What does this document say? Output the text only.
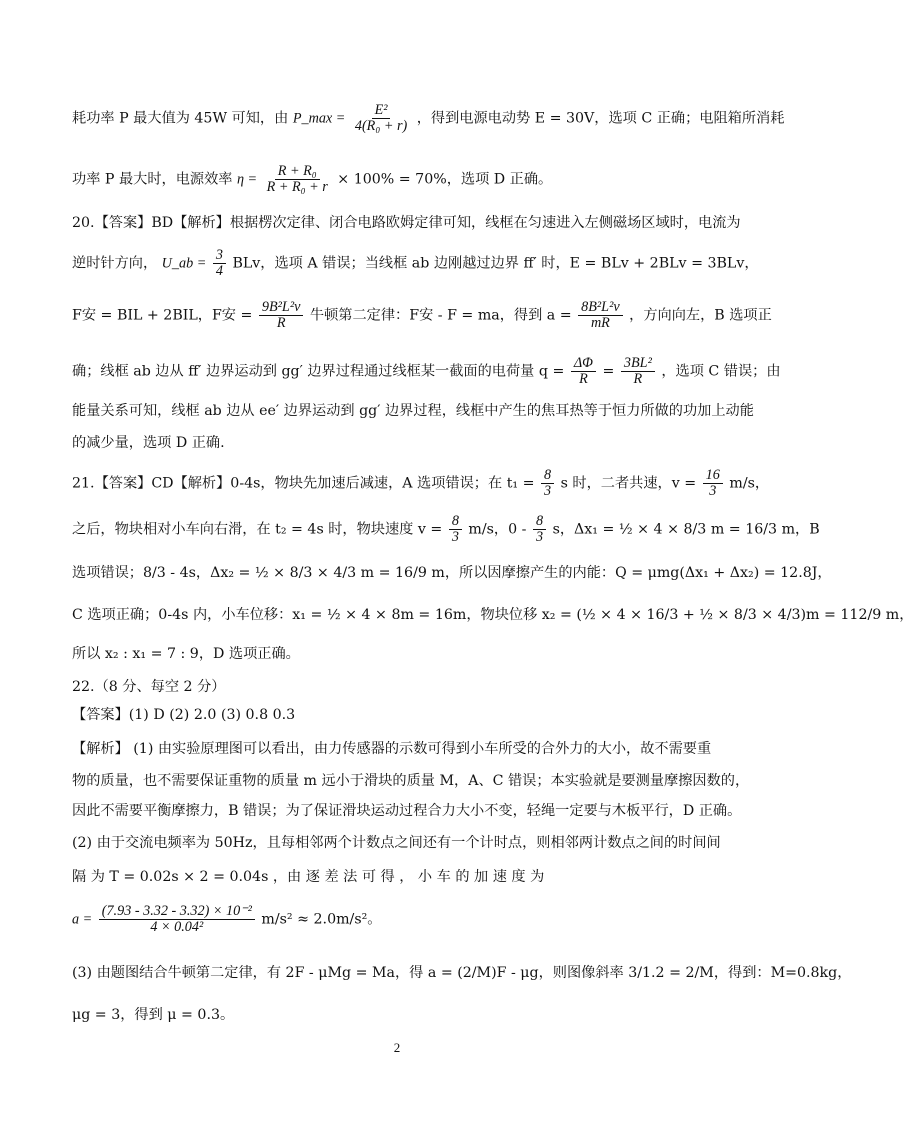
耗功率 P 最大值为 45W 可知，由 P_max = $\frac{\text{E²}}{\text{4(R₀ + r)}}$ ，得到电源电动势 E = 30V，选项 C 正确；电阻箱所消耗
功率 P 最大时，电源效率 $\eta = \frac{\text{R + R₀}}{\text{R + R₀ + r}} \times 100\% = 70\%$，选项 D 正确。
20.【答案】BD【解析】根据楞次定律、闭合电路欧姆定律可知，线框在匀速进入左侧磁场区域时，电流为
逆时针方向， U_ab = $\frac{3}{4}$ BLv，选项 A 错误；当线框 ab 边刚越过边界 ff′ 时，E = BLv + 2BLv = 3BLv，
F安 = BIL + 2BIL，F安 = $\frac{\text{9B²L²v}}{R}$ 牛顿第二定律：F安 - F = ma，得到 $a = \frac{\text{8B²L²v}}{mR}$ ，方向向左，B 选项正
确；线框 ab 边从 ff′ 边界运动到 gg′ 边界过程通过线框某一截面的电荷量 $q = \frac{\Delta\Phi}{R} = \frac{\text{3BL²}}{R}$ ，选项 C 错误；由
能量关系可知，线框 ab 边从 ee′ 边界运动到 gg′ 边界过程，线框中产生的焦耳热等于恒力所做的功加上动能
的减少量，选项 D 正确.
21.【答案】CD【解析】0-4s，物块先加速后减速，A 选项错误；在 $t_1 = \frac{8}{3}$ s 时，二者共速，$v = \frac{16}{3} m/s$，
之后，物块相对小车向右滑，在 t₂ = 4s 时，物块速度 $v = \frac{8}{3} m/s$，$0 - \frac{8}{3}$ s，Δx₁ = ½ × 4 × 8/3 m = 16/3 m，B
选项错误；8/3 - 4s，Δx₂ = ½ × 8/3 × 4/3 m = 16/9 m，所以因摩擦产生的内能：Q = μmg(Δx₁ + Δx₂) = 12.8J，
C 选项正确；0-4s 内，小车位移：x₁ = ½ × 4 × 8m = 16m，物块位移 x₂ = (½ × 4 × 16/3 + ½ × 8/3 × 4/3)m = 112/9 m，
所以 x₂ : x₁ = 7 : 9，D 选项正确。
22.（8 分、每空 2 分）
【答案】(1) D (2) 2.0 (3) 0.8 0.3
【解析】 (1) 由实验原理图可以看出，由力传感器的示数可得到小车所受的合外力的大小，故不需要重
物的质量，也不需要保证重物的质量 m 远小于滑块的质量 M，A、C 错误；本实验就是要测量摩擦因数的，
因此不需要平衡摩擦力，B 错误；为了保证滑块运动过程合力大小不变，轻绳一定要与木板平行，D 正确。
(2) 由于交流电频率为 50Hz，且每相邻两个计数点之间还有一个计时点，则相邻两计数点之间的时间间
隔 为 T = 0.02s × 2 = 0.04s ，由 逐 差 法 可 得 ， 小 车 的 加 速 度 为
$a = \frac{\text{(7.93 - 3.32 - 3.32) × 10⁻²}}{\text{4 × 0.04²}} m/s^2 \approx 2.0m/s^2$。
(3) 由题图结合牛顿第二定律，有 2F - μMg = Ma，得 a = (2/M)F - μg，则图像斜率 3/1.2 = 2/M，得到：M=0.8kg，
μg = 3，得到 μ = 0.3。
2
